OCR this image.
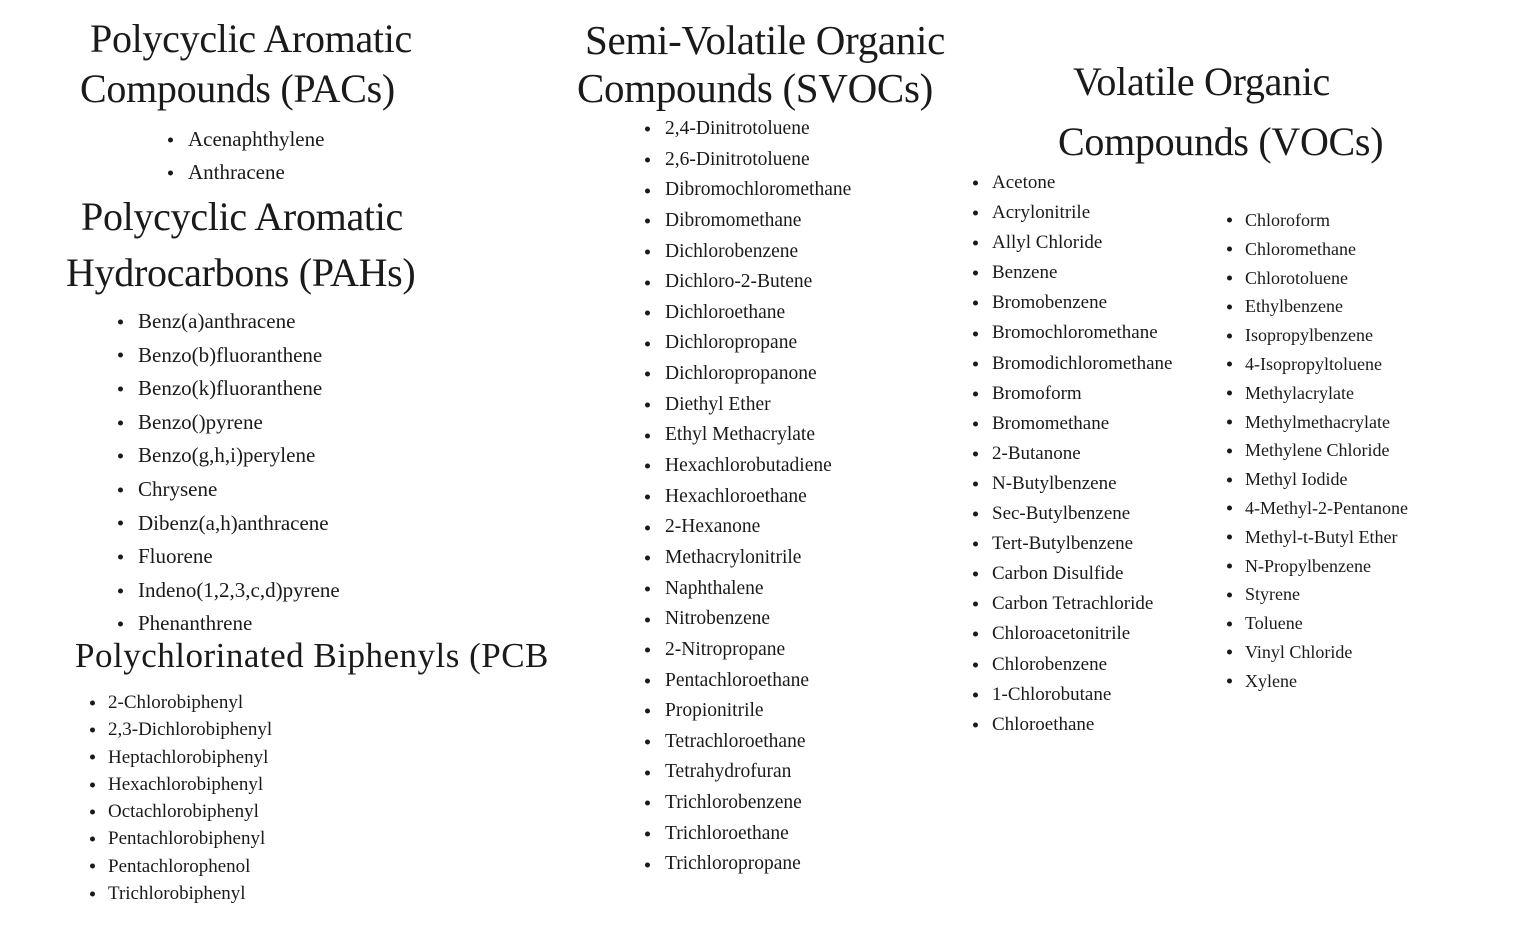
Polycyclic Aromatic
Compounds (PACs)
Acenaphthylene
Anthracene
Polycyclic Aromatic
Hydrocarbons (PAHs)
Benz(a)anthracene
Benzo(b)fluoranthene
Benzo(k)fluoranthene
Benzo()pyrene
Benzo(g,h,i)perylene
Chrysene
Dibenz(a,h)anthracene
Fluorene
Indeno(1,2,3,c,d)pyrene
Phenanthrene
Polychlorinated Biphenyls (PCB
2-Chlorobiphenyl
2,3-Dichlorobiphenyl
Heptachlorobiphenyl
Hexachlorobiphenyl
Octachlorobiphenyl
Pentachlorobiphenyl
Pentachlorophenol
Trichlorobiphenyl
Semi-Volatile Organic
Compounds (SVOCs)
2,4-Dinitrotoluene
2,6-Dinitrotoluene
Dibromochloromethane
Dibromomethane
Dichlorobenzene
Dichloro-2-Butene
Dichloroethane
Dichloropropane
Dichloropropanone
Diethyl Ether
Ethyl Methacrylate
Hexachlorobutadiene
Hexachloroethane
2-Hexanone
Methacrylonitrile
Naphthalene
Nitrobenzene
2-Nitropropane
Pentachloroethane
Propionitrile
Tetrachloroethane
Tetrahydrofuran
Trichlorobenzene
Trichloroethane
Trichloropropane
Volatile Organic
Compounds (VOCs)
Acetone
Acrylonitrile
Allyl Chloride
Benzene
Bromobenzene
Bromochloromethane
Bromodichloromethane
Bromoform
Bromomethane
2-Butanone
N-Butylbenzene
Sec-Butylbenzene
Tert-Butylbenzene
Carbon Disulfide
Carbon Tetrachloride
Chloroacetonitrile
Chlorobenzene
1-Chlorobutane
Chloroethane
Chloroform
Chloromethane
Chlorotoluene
Ethylbenzene
Isopropylbenzene
4-Isopropyltoluene
Methylacrylate
Methylmethacrylate
Methylene Chloride
Methyl Iodide
4-Methyl-2-Pentanone
Methyl-t-Butyl Ether
N-Propylbenzene
Styrene
Toluene
Vinyl Chloride
Xylene
